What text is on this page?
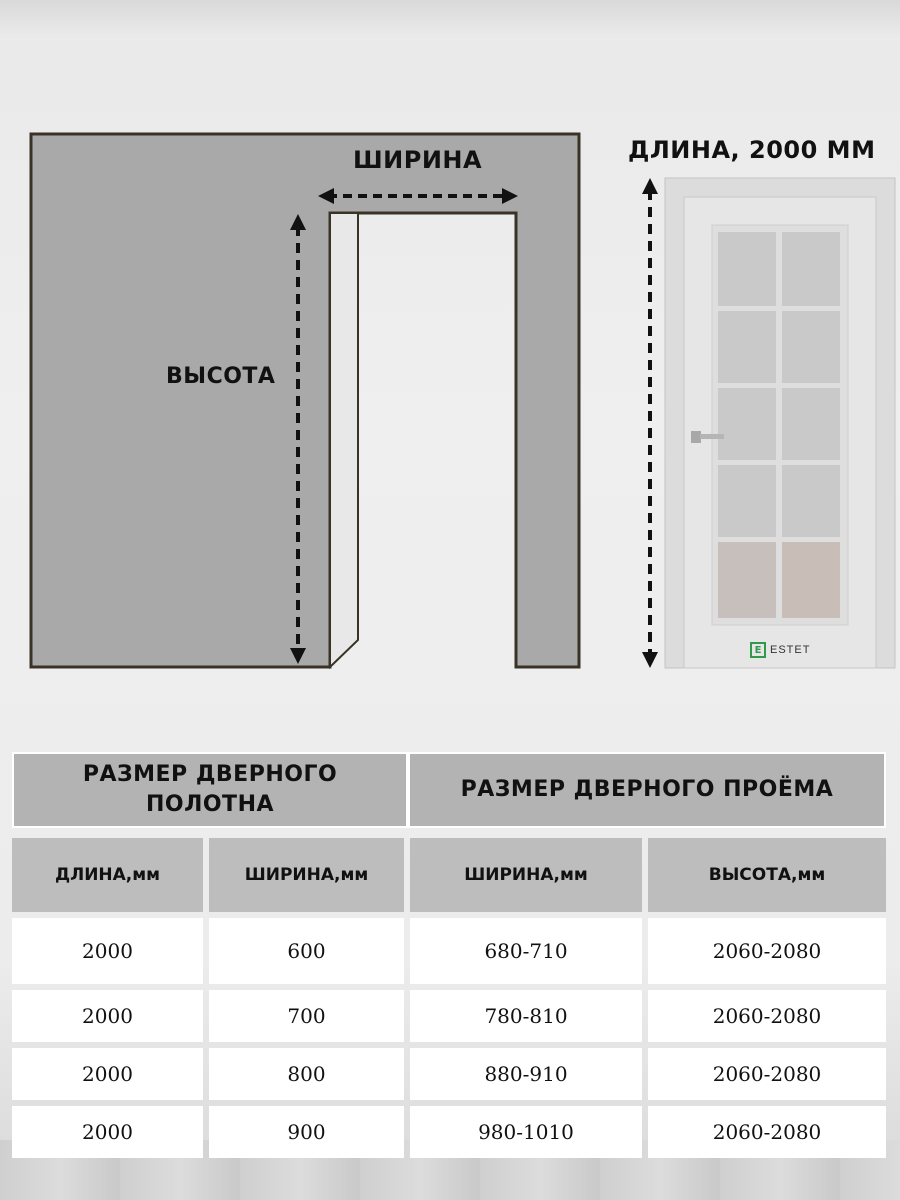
ШИРИНА
ВЫСОТА
ДЛИНА, 2000 ММ
E ESTET
РАЗМЕР ДВЕРНОГО ПОЛОТНА
РАЗМЕР ДВЕРНОГО ПРОЁМА
ДЛИНА,мм	ШИРИНА,мм	ШИРИНА,мм	ВЫСОТА,мм
2000	600	680-710	2060-2080
2000	700	780-810	2060-2080
2000	800	880-910	2060-2080
2000	900	980-1010	2060-2080
